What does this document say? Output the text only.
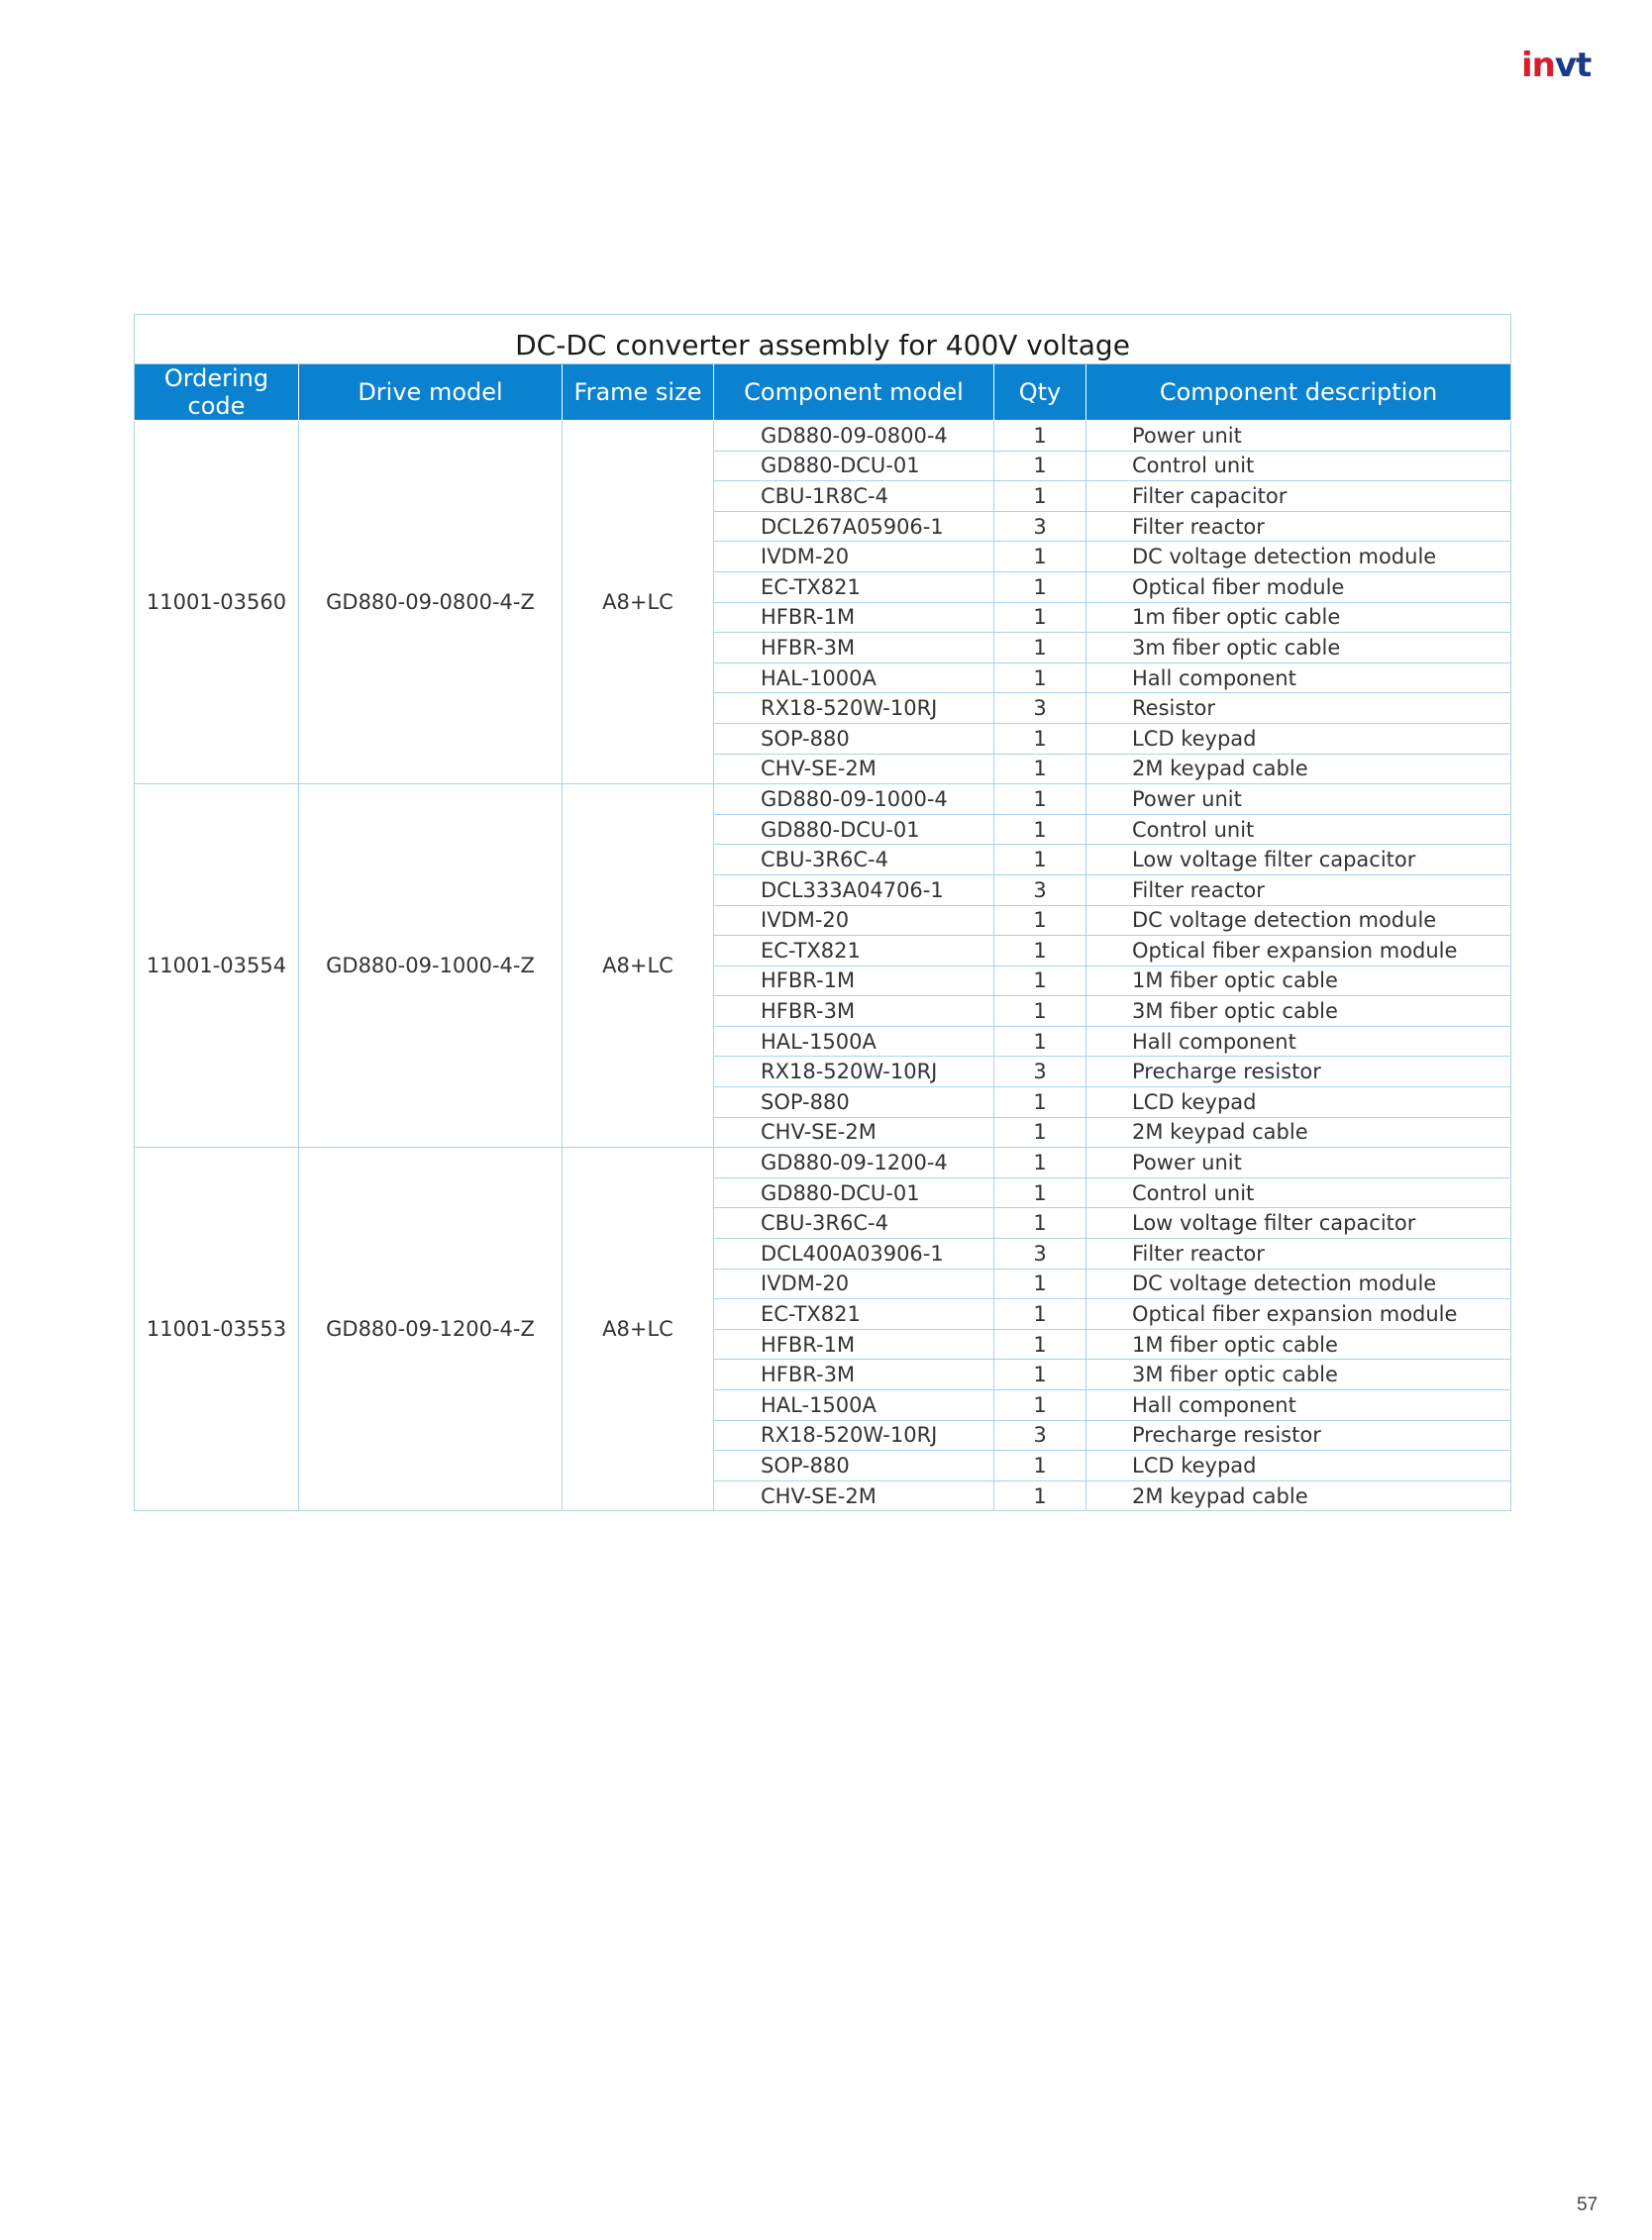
invt
DC-DC converter assembly for 400V voltage					
Ordering code	Drive model	Frame size	Component model	Qty	Component description
11001-03560	GD880-09-0800-4-Z	A8+LC	GD880-09-0800-4	1	Power unit
			GD880-DCU-01	1	Control unit
			CBU-1R8C-4	1	Filter capacitor
			DCL267A05906-1	3	Filter reactor
			IVDM-20	1	DC voltage detection module
			EC-TX821	1	Optical fiber module
			HFBR-1M	1	1m fiber optic cable
			HFBR-3M	1	3m fiber optic cable
			HAL-1000A	1	Hall component
			RX18-520W-10RJ	3	Resistor
			SOP-880	1	LCD keypad
			CHV-SE-2M	1	2M keypad cable
11001-03554	GD880-09-1000-4-Z	A8+LC	GD880-09-1000-4	1	Power unit
			GD880-DCU-01	1	Control unit
			CBU-3R6C-4	1	Low voltage filter capacitor
			DCL333A04706-1	3	Filter reactor
			IVDM-20	1	DC voltage detection module
			EC-TX821	1	Optical fiber expansion module
			HFBR-1M	1	1M fiber optic cable
			HFBR-3M	1	3M fiber optic cable
			HAL-1500A	1	Hall component
			RX18-520W-10RJ	3	Precharge resistor
			SOP-880	1	LCD keypad
			CHV-SE-2M	1	2M keypad cable
11001-03553	GD880-09-1200-4-Z	A8+LC	GD880-09-1200-4	1	Power unit
			GD880-DCU-01	1	Control unit
			CBU-3R6C-4	1	Low voltage filter capacitor
			DCL400A03906-1	3	Filter reactor
			IVDM-20	1	DC voltage detection module
			EC-TX821	1	Optical fiber expansion module
			HFBR-1M	1	1M fiber optic cable
			HFBR-3M	1	3M fiber optic cable
			HAL-1500A	1	Hall component
			RX18-520W-10RJ	3	Precharge resistor
			SOP-880	1	LCD keypad
			CHV-SE-2M	1	2M keypad cable
57
